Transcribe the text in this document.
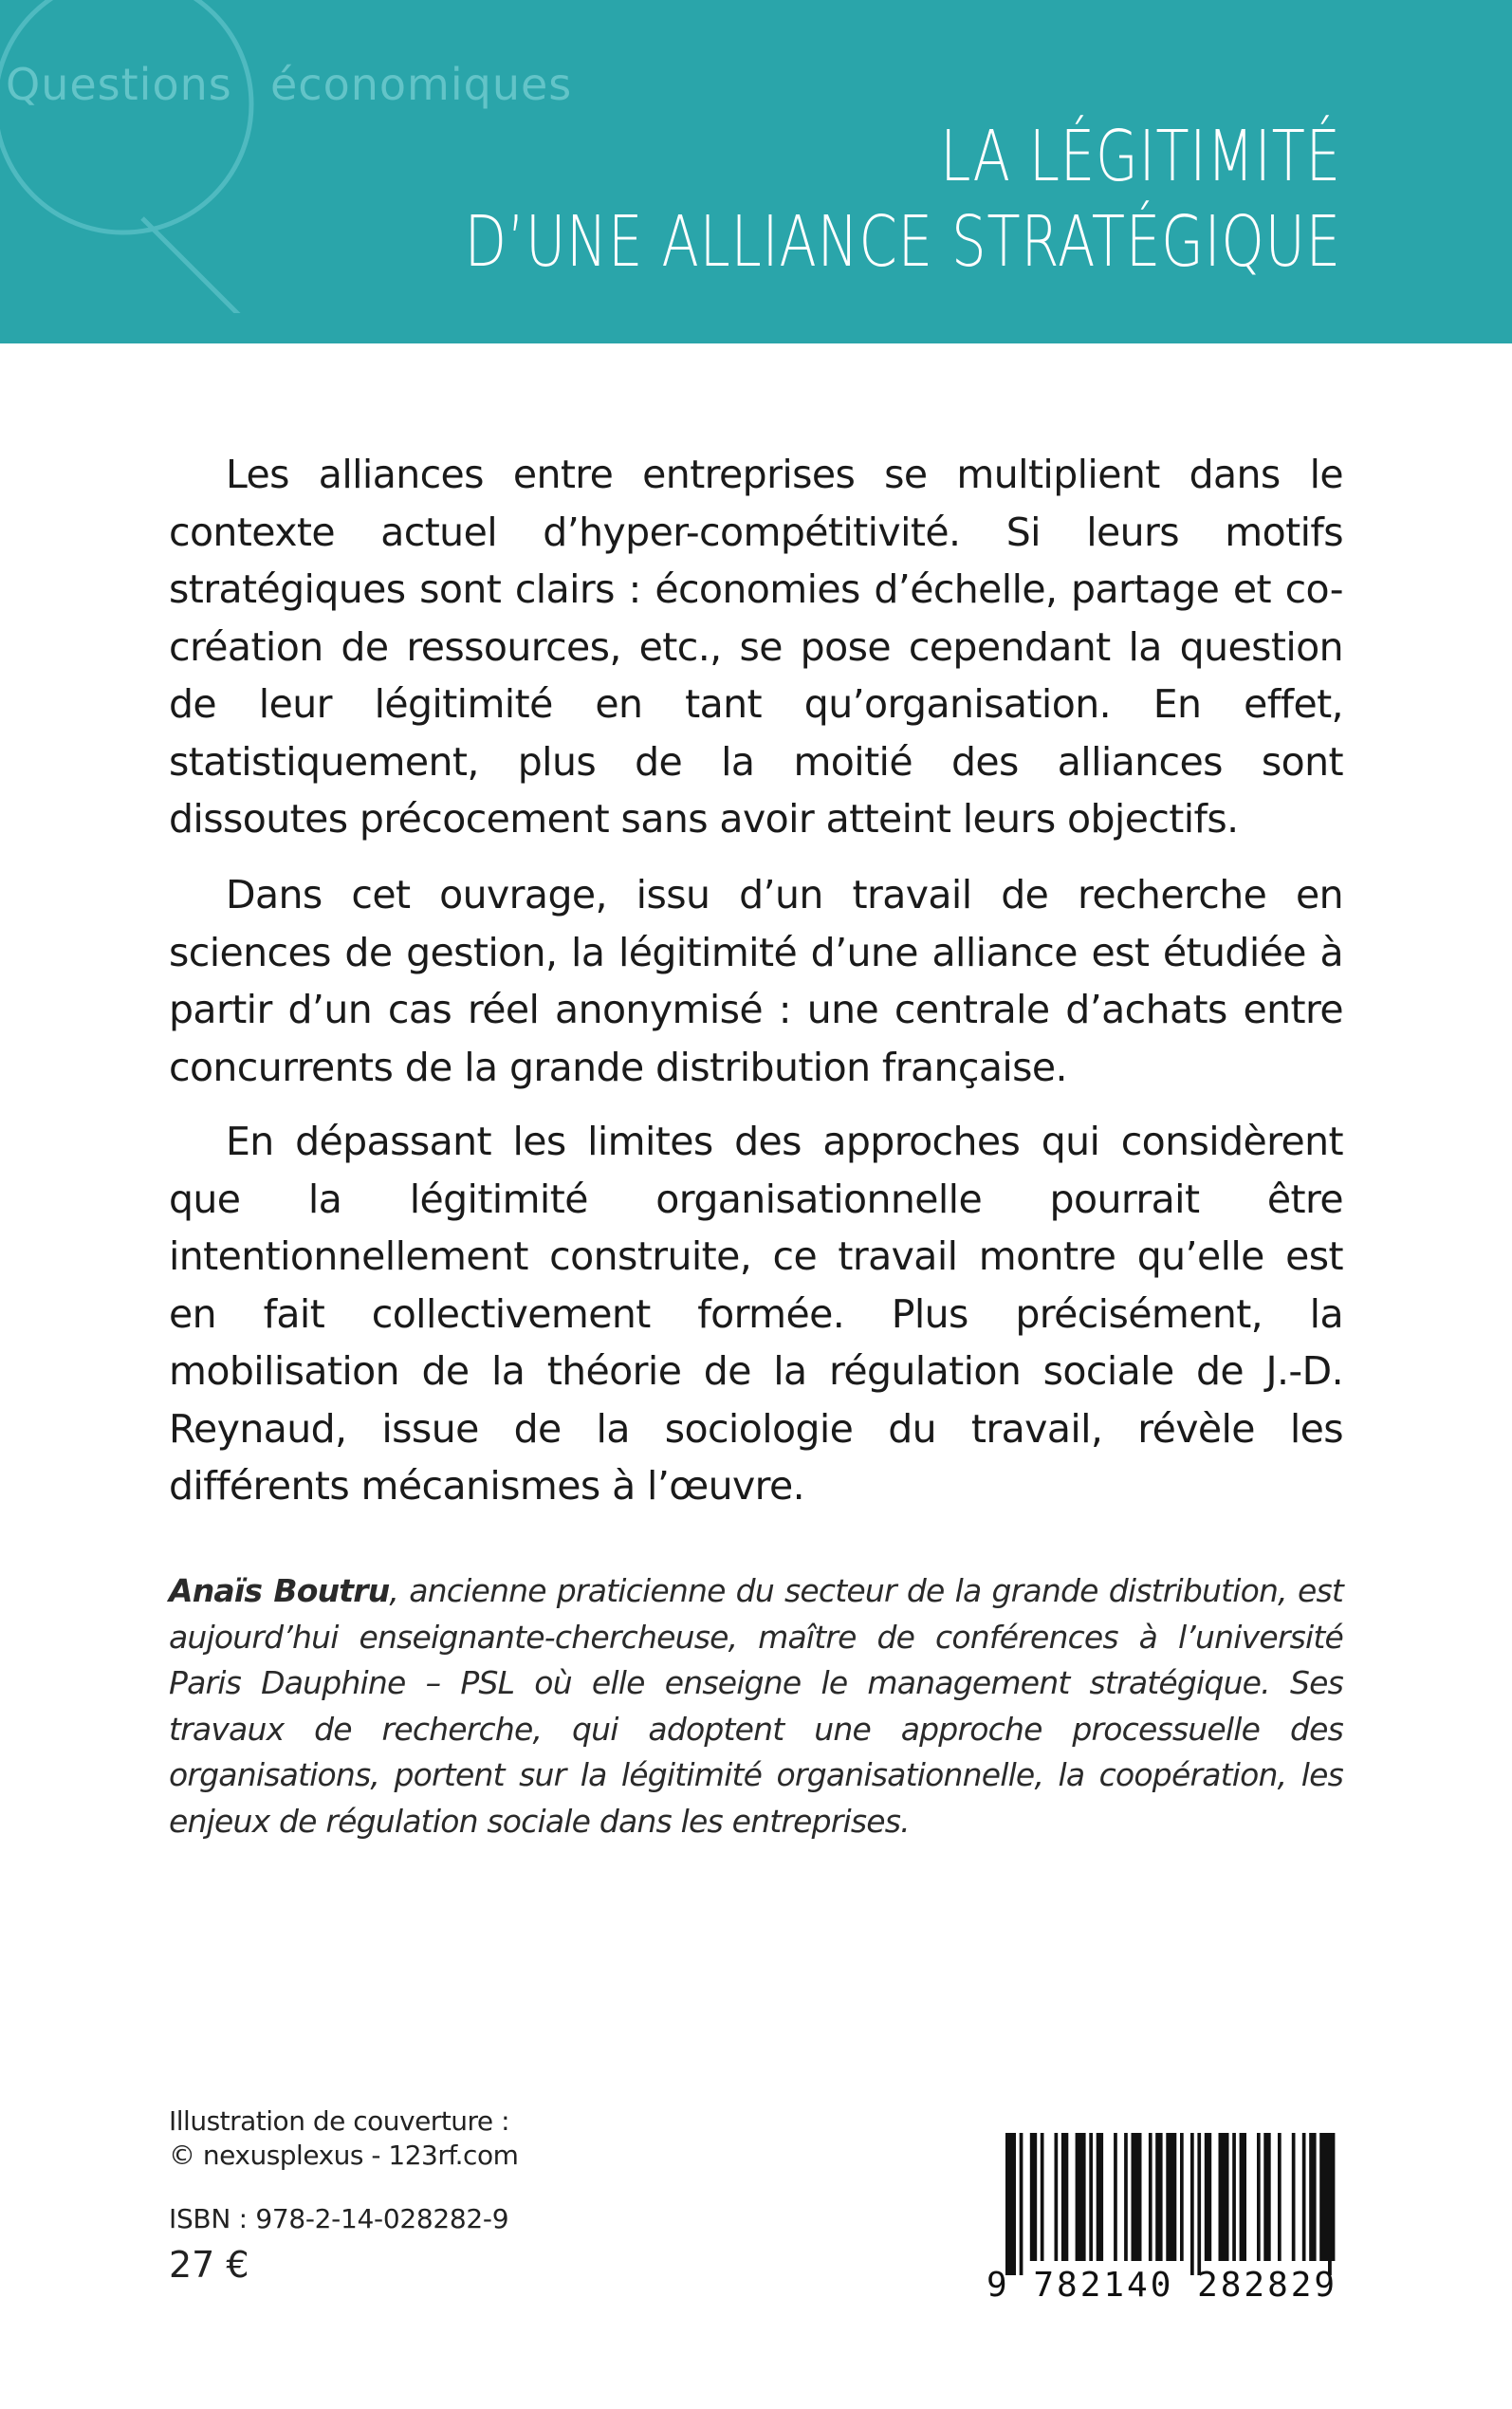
Questions économiques
LA LÉGITIMITÉ
D’UNE ALLIANCE STRATÉGIQUE

Les alliances entre entreprises se multiplient dans le contexte actuel d’hyper-compétitivité. Si leurs motifs stratégiques sont clairs : économies d’échelle, partage et co-création de ressources, etc., se pose cependant la question de leur légitimité en tant qu’organisation. En effet, statistiquement, plus de la moitié des alliances sont dissoutes précocement sans avoir atteint leurs objectifs.

Dans cet ouvrage, issu d’un travail de recherche en sciences de gestion, la légitimité d’une alliance est étudiée à partir d’un cas réel anonymisé : une centrale d’achats entre concurrents de la grande distribution française.

En dépassant les limites des approches qui considèrent que la légitimité organisationnelle pourrait être intentionnellement construite, ce travail montre qu’elle est en fait collectivement formée. Plus précisément, la mobilisation de la théorie de la régulation sociale de J.-D. Reynaud, issue de la sociologie du travail, révèle les différents mécanismes à l’œuvre.

Anaïs Boutru, ancienne praticienne du secteur de la grande distribution, est aujourd’hui enseignante-chercheuse, maître de conférences à l’université Paris Dauphine – PSL où elle enseigne le management stratégique. Ses travaux de recherche, qui adoptent une approche processuelle des organisations, portent sur la légitimité organisationnelle, la coopération, les enjeux de régulation sociale dans les entreprises.
Illustration de couverture :
© nexusplexus - 123rf.com
ISBN : 978-2-14-028282-9
27 €	9 782140 282829
